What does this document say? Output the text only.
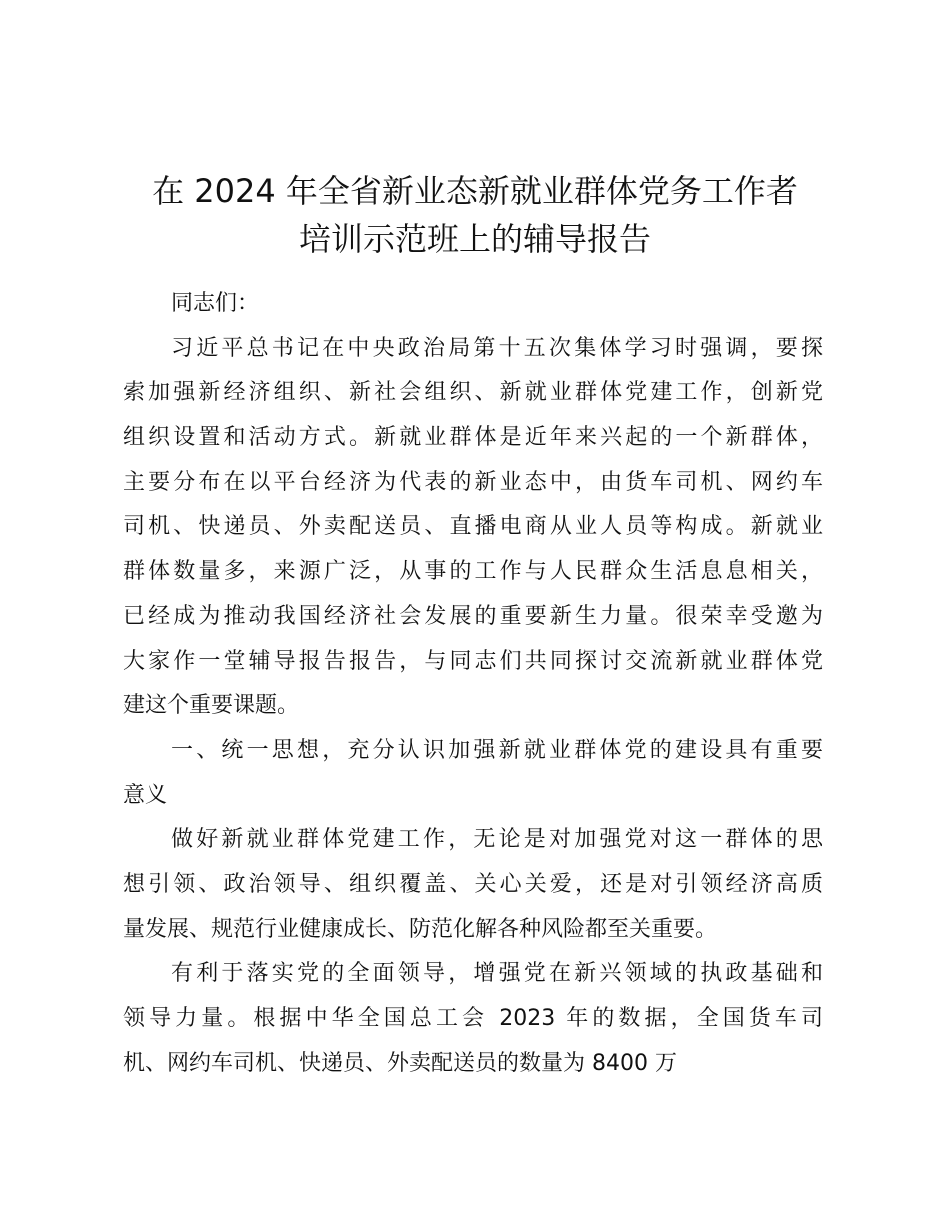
在 2024 年全省新业态新就业群体党务工作者
培训示范班上的辅导报告
同志们：
习近平总书记在中央政治局第十五次集体学习时强调，要探
索加强新经济组织、新社会组织、新就业群体党建工作，创新党
组织设置和活动方式。新就业群体是近年来兴起的一个新群体，
主要分布在以平台经济为代表的新业态中，由货车司机、网约车
司机、快递员、外卖配送员、直播电商从业人员等构成。新就业
群体数量多，来源广泛，从事的工作与人民群众生活息息相关，
已经成为推动我国经济社会发展的重要新生力量。很荣幸受邀为
大家作一堂辅导报告报告，与同志们共同探讨交流新就业群体党
建这个重要课题。
一、统一思想，充分认识加强新就业群体党的建设具有重要
意义
做好新就业群体党建工作，无论是对加强党对这一群体的思
想引领、政治领导、组织覆盖、关心关爱，还是对引领经济高质
量发展、规范行业健康成长、防范化解各种风险都至关重要。
有利于落实党的全面领导，增强党在新兴领域的执政基础和
领导力量。根据中华全国总工会 2023 年的数据，全国货车司
机、网约车司机、快递员、外卖配送员的数量为 8400 万
